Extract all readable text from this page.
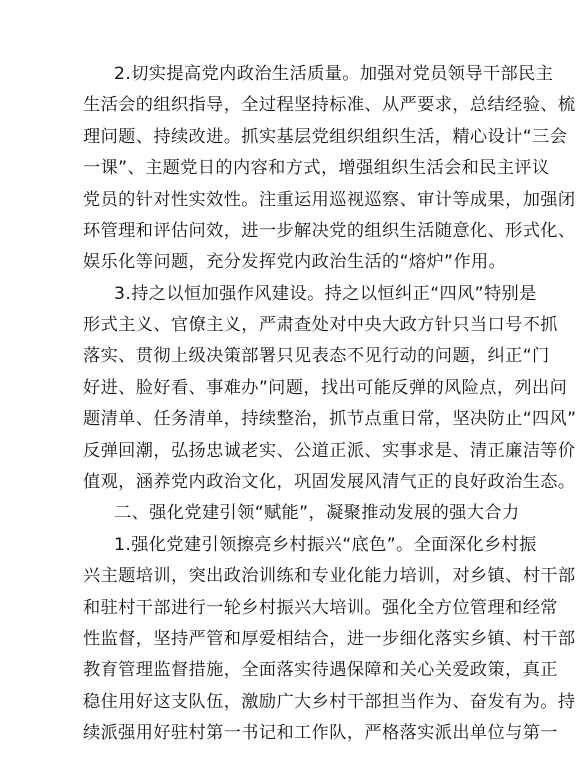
2.切实提高党内政治生活质量。加强对党员领导干部民主
生活会的组织指导，全过程坚持标准、从严要求，总结经验、梳
理问题、持续改进。抓实基层党组织组织生活，精心设计“三会
一课”、主题党日的内容和方式，增强组织生活会和民主评议
党员的针对性实效性。注重运用巡视巡察、审计等成果，加强闭
环管理和评估问效，进一步解决党的组织生活随意化、形式化、
娱乐化等问题，充分发挥党内政治生活的“熔炉”作用。
3.持之以恒加强作风建设。持之以恒纠正“四风”特别是
形式主义、官僚主义，严肃查处对中央大政方针只当口号不抓
落实、贯彻上级决策部署只见表态不见行动的问题，纠正“门
好进、脸好看、事难办”问题，找出可能反弹的风险点，列出问
题清单、任务清单，持续整治，抓节点重日常，坚决防止“四风”
反弹回潮，弘扬忠诚老实、公道正派、实事求是、清正廉洁等价
值观，涵养党内政治文化，巩固发展风清气正的良好政治生态。
二、强化党建引领“赋能”，凝聚推动发展的强大合力
1.强化党建引领擦亮乡村振兴“底色”。全面深化乡村振
兴主题培训，突出政治训练和专业化能力培训，对乡镇、村干部
和驻村干部进行一轮乡村振兴大培训。强化全方位管理和经常
性监督，坚持严管和厚爱相结合，进一步细化落实乡镇、村干部
教育管理监督措施，全面落实待遇保障和关心关爱政策，真正
稳住用好这支队伍，激励广大乡村干部担当作为、奋发有为。持
续派强用好驻村第一书记和工作队，严格落实派出单位与第一
